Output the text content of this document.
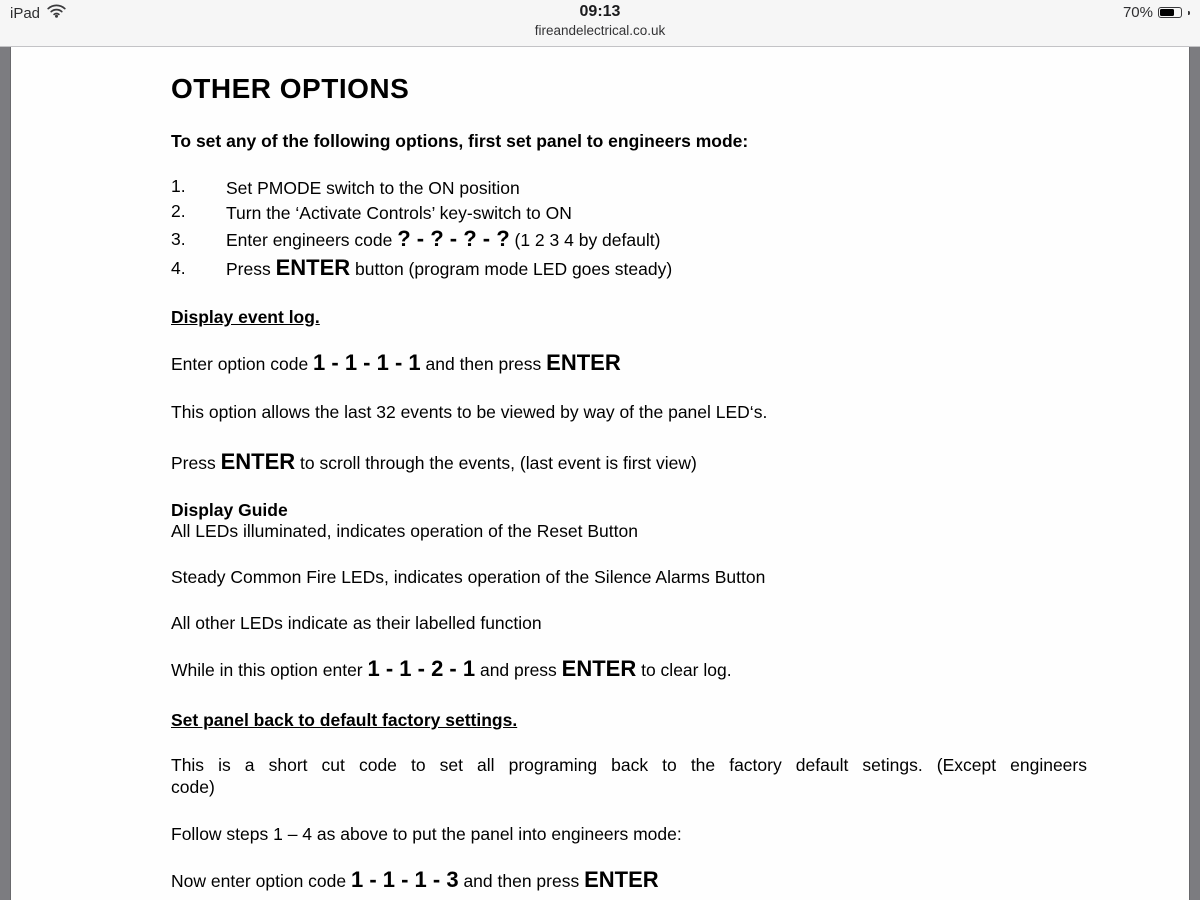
iPad	09:13
fireandelectrical.co.uk
70%
OTHER OPTIONS

To set any of the following options, first set panel to engineers mode:

1.	Set PMODE switch to the ON position
2.	Turn the ‘Activate Controls’ key-switch to ON
3.	Enter engineers code ? - ? - ? - ? (1 2 3 4 by default)
4.	Press ENTER button (program mode LED goes steady)

Display event log.

Enter option code 1 - 1 - 1 - 1 and then press ENTER

This option allows the last 32 events to be viewed by way of the panel LED‘s.

Press ENTER to scroll through the events, (last event is first view)

Display Guide

All LEDs illuminated, indicates operation of the Reset Button

Steady Common Fire LEDs, indicates operation of the Silence Alarms Button

All other LEDs indicate as their labelled function

While in this option enter 1 - 1 - 2 - 1 and press ENTER to clear log.

Set panel back to default factory settings.

This is a short cut code to set all programing back to the factory default setings. (Except engineers
code)

Follow steps 1 – 4 as above to put the panel into engineers mode:

Now enter option code 1 - 1 - 1 - 3 and then press ENTER
